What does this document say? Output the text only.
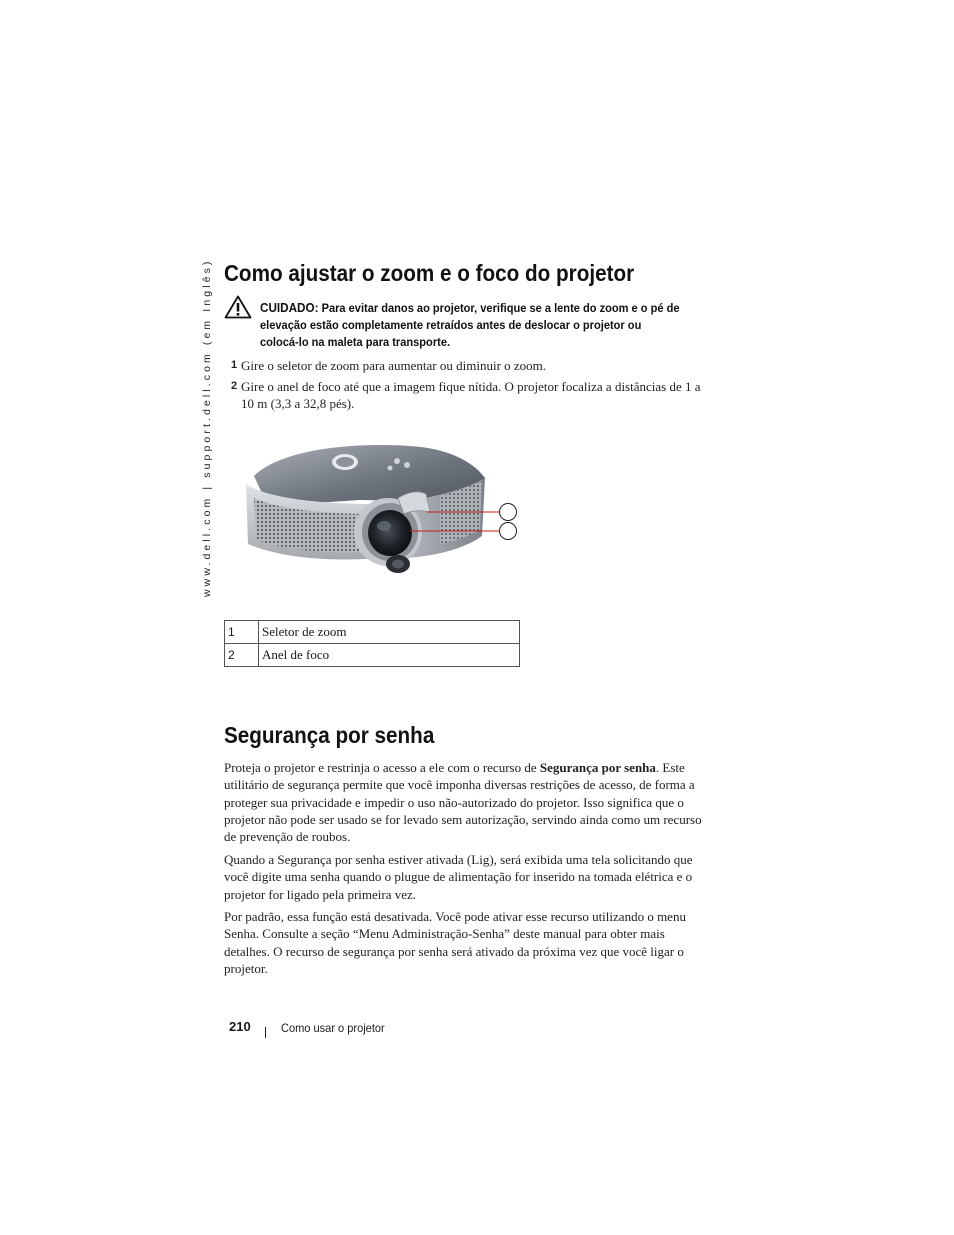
www.dell.com | support.dell.com (em Inglês) Como ajustar o zoom e o foco do projetor
CUIDADO: Para evitar danos ao projetor, verifique se a lente do zoom e o pé de elevação estão completamente retraídos antes de deslocar o projetor ou colocá-lo na maleta para transporte.
1 Gire o seletor de zoom para aumentar ou diminuir o zoom.
2 Gire o anel de foco até que a imagem fique nítida. O projetor focaliza a distâncias de 1 a 10 m (3,3 a 32,8 pés).
1	Seletor de zoom
2	Anel de foco
Segurança por senha

Proteja o projetor e restrinja o acesso a ele com o recurso de Segurança por senha. Este utilitário de segurança permite que você imponha diversas restrições de acesso, de forma a proteger sua privacidade e impedir o uso não-autorizado do projetor. Isso significa que o projetor não pode ser usado se for levado sem autorização, servindo ainda como um recurso de prevenção de roubos.

Quando a Segurança por senha estiver ativada (Lig), será exibida uma tela solicitando que você digite uma senha quando o plugue de alimentação for inserido na tomada elétrica e o projetor for ligado pela primeira vez.

Por padrão, essa função está desativada. Você pode ativar esse recurso utilizando o menu Senha. Consulte a seção “Menu Administração-Senha” deste manual para obter mais detalhes. O recurso de segurança por senha será ativado da próxima vez que você ligar o projetor.

210	Como usar o projetor
